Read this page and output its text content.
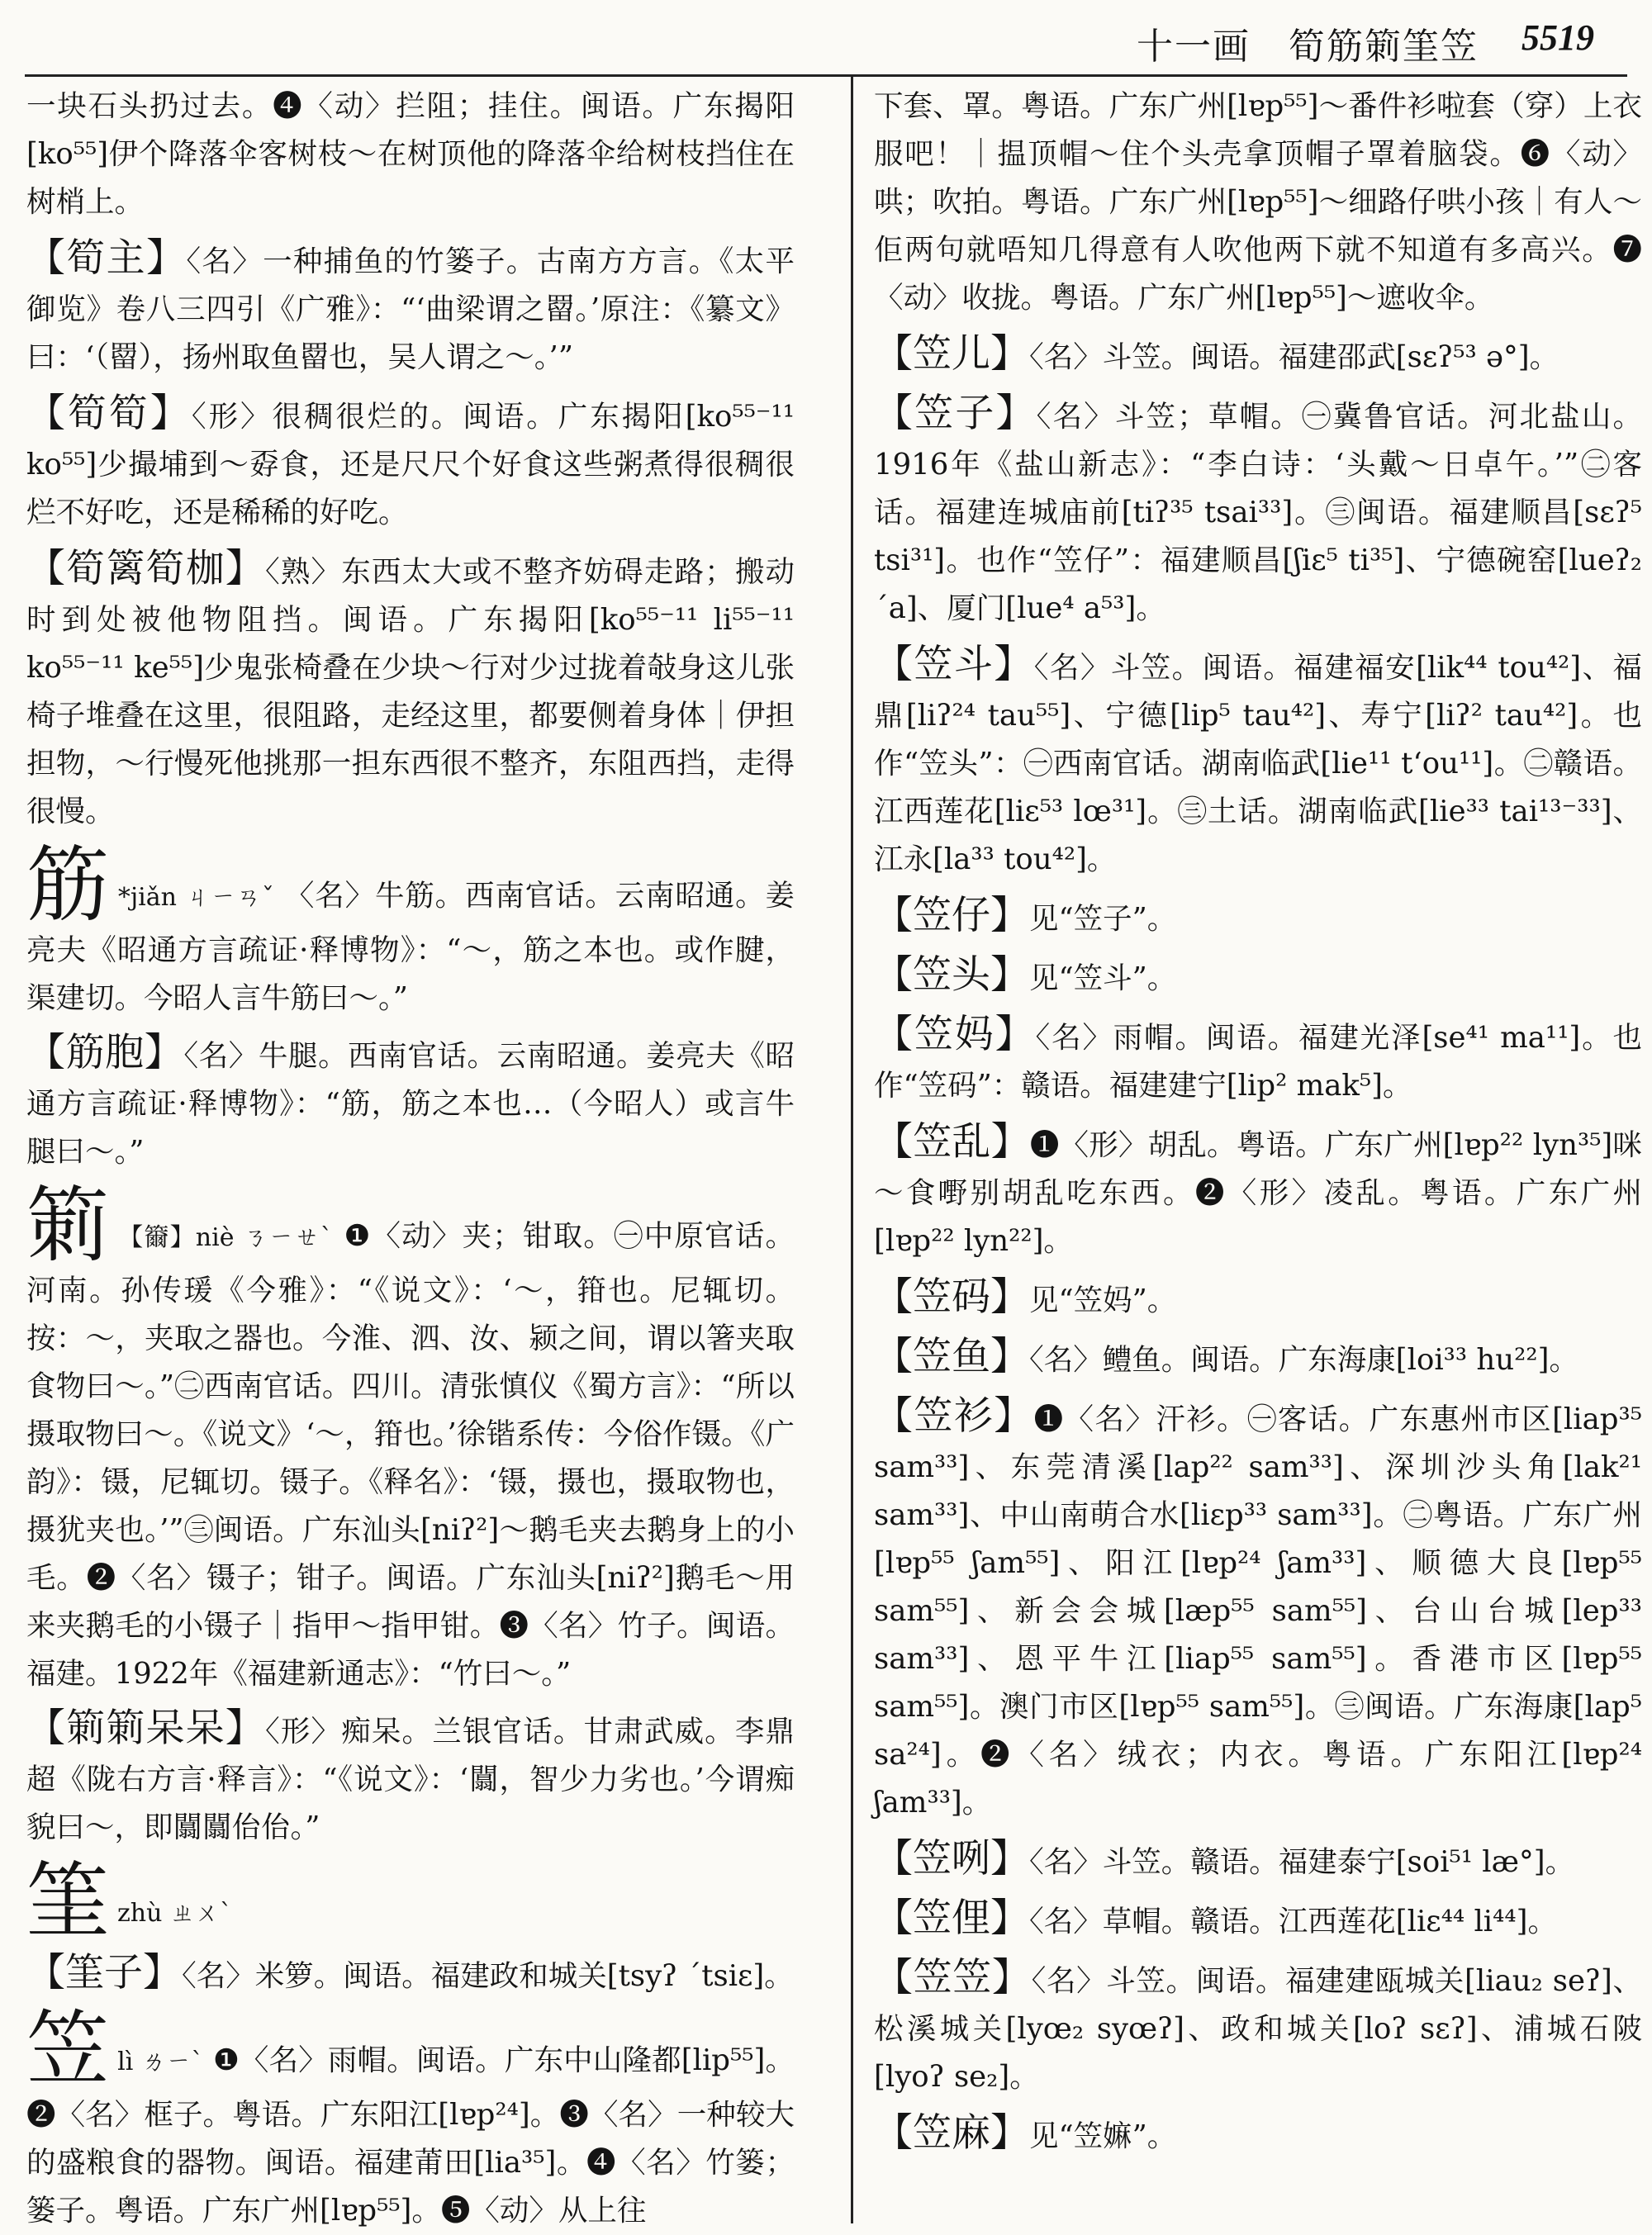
十一画　筍筋箣筀笠 5519

一块石头扔过去。❹〈动〉拦阻；挂住。闽语。广东揭阳[ko⁵⁵]伊个降落伞客树枝～在树顶他的降落伞给树枝挡住在树梢上。

【筍主】〈名〉一种捕鱼的竹篓子。古南方方言。《太平御览》卷八三四引《广雅》：“‘曲梁谓之罶。’原注：《纂文》曰：‘（罶），扬州取鱼罶也，吴人谓之～。’”

【筍筍】〈形〉很稠很烂的。闽语。广东揭阳[ko⁵⁵⁻¹¹ ko⁵⁵]少撮埔到～孬食，还是尺尺个好食这些粥煮得很稠很烂不好吃，还是稀稀的好吃。

【筍篱筍枷】〈熟〉东西太大或不整齐妨碍走路；搬动时到处被他物阻挡。闽语。广东揭阳[ko⁵⁵⁻¹¹ li⁵⁵⁻¹¹ ko⁵⁵⁻¹¹ ke⁵⁵]少鬼张椅叠在少块～行对少过拢着敧身这儿张椅子堆叠在这里，很阻路，走经这里，都要侧着身体｜伊担担物，～行慢死他挑那一担东西很不整齐，东阻西挡，走得很慢。

筋 *jiǎn ㄐㄧㄢˇ 〈名〉牛筋。西南官话。云南昭通。姜亮夫《昭通方言疏证·释博物》：“～，筋之本也。或作腱，渠建切。今昭人言牛筋曰～。”

【筋胞】〈名〉牛腿。西南官话。云南昭通。姜亮夫《昭通方言疏证·释博物》：“筋，筋之本也…（今昭人）或言牛腿曰～。”

箣 【籋】niè ㄋㄧㄝˋ ❶〈动〉夹；钳取。㊀中原官话。河南。孙传瑗《今雅》：“《说文》：‘～，箝也。尼辄切。按：～，夹取之器也。今淮、泗、汝、颍之间，谓以箸夹取食物曰～。”㊁西南官话。四川。清张慎仪《蜀方言》：“所以摄取物曰～。《说文》‘～，箝也。’徐锴系传：今俗作镊。《广韵》：镊，尼辄切。镊子。《释名》：‘镊，摄也，摄取物也，摄犹夹也。’”㊂闽语。广东汕头[niʔ²]～鹅毛夹去鹅身上的小毛。❷〈名〉镊子；钳子。闽语。广东汕头[niʔ²]鹅毛～用来夹鹅毛的小镊子｜指甲～指甲钳。❸〈名〉竹子。闽语。福建。1922年《福建新通志》：“竹曰～。”

【箣箣呆呆】〈形〉痴呆。兰银官话。甘肃武威。李鼎超《陇右方言·释言》：“《说文》：‘闒，智少力劣也。’今谓痴貌曰～，即闒闒佁佁。”

筀zhù ㄓㄨˋ

【筀子】〈名〉米箩。闽语。福建政和城关[tsyʔ ˊtsiɛ]。

笠lì ㄌㄧˋ ❶〈名〉雨帽。闽语。广东中山隆都[lip⁵⁵]。❷〈名〉框子。粤语。广东阳江[lɐp²⁴]。❸〈名〉一种较大的盛粮食的器物。闽语。福建莆田[lia³⁵]。❹〈名〉竹篓；篓子。粤语。广东广州[lɐp⁵⁵]。❺〈动〉从上往

下套、罩。粤语。广东广州[lɐp⁵⁵]～番件衫啦套（穿）上衣服吧！｜揾顶帽～住个头壳拿顶帽子罩着脑袋。❻〈动〉哄；吹拍。粤语。广东广州[lɐp⁵⁵]～细路仔哄小孩｜有人～佢两句就唔知几得意有人吹他两下就不知道有多高兴。❼〈动〉收拢。粤语。广东广州[lɐp⁵⁵]～遮收伞。

【笠儿】〈名〉斗笠。闽语。福建邵武[sɛʔ⁵³ ə°]。

【笠子】〈名〉斗笠；草帽。㊀冀鲁官话。河北盐山。1916年《盐山新志》：“李白诗：‘头戴～日卓午。’”㊁客话。福建连城庙前[tiʔ³⁵ tsai³³]。㊂闽语。福建顺昌[sɛʔ⁵ tsi³¹]。也作“笠仔”：福建顺昌[ʃiɛ⁵ ti³⁵]、宁德碗窑[lueʔ₂ ˊa]、厦门[lue⁴ a⁵³]。

【笠斗】〈名〉斗笠。闽语。福建福安[lik⁴⁴ tou⁴²]、福鼎[liʔ²⁴ tau⁵⁵]、宁德[lip⁵ tau⁴²]、寿宁[liʔ² tau⁴²]。也作“笠头”：㊀西南官话。湖南临武[lie¹¹ tʻou¹¹]。㊁赣语。江西莲花[liɛ⁵³ lœ³¹]。㊂土话。湖南临武[lie³³ tai¹³⁻³³]、江永[la³³ tou⁴²]。

【笠仔】见“笠子”。

【笠头】见“笠斗”。

【笠妈】〈名〉雨帽。闽语。福建光泽[se⁴¹ ma¹¹]。也作“笠码”：赣语。福建建宁[lip² mak⁵]。

【笠乱】❶〈形〉胡乱。粤语。广东广州[lɐp²² lyn³⁵]咪～食嘢别胡乱吃东西。❷〈形〉凌乱。粤语。广东广州[lɐp²² lyn²²]。

【笠码】见“笠妈”。

【笠鱼】〈名〉鳢鱼。闽语。广东海康[loi³³ hu²²]。

【笠衫】❶〈名〉汗衫。㊀客话。广东惠州市区[liap³⁵ sam³³]、东莞清溪[lap²² sam³³]、深圳沙头角[lak²¹ sam³³]、中山南萌合水[liɛp³³ sam³³]。㊁粤语。广东广州[lɐp⁵⁵ ʃam⁵⁵]、阳江[lɐp²⁴ ʃam³³]、顺德大良[lɐp⁵⁵ sam⁵⁵]、新会会城[læp⁵⁵ sam⁵⁵]、台山台城[lep³³ sam³³]、恩平牛江[liap⁵⁵ sam⁵⁵]。香港市区[lɐp⁵⁵ sam⁵⁵]。澳门市区[lɐp⁵⁵ sam⁵⁵]。㊂闽语。广东海康[lap⁵ sa²⁴]。❷〈名〉绒衣；内衣。粤语。广东阳江[lɐp²⁴ ʃam³³]。

【笠咧】〈名〉斗笠。赣语。福建泰宁[soi⁵¹ læ°]。

【笠俚】〈名〉草帽。赣语。江西莲花[liɛ⁴⁴ li⁴⁴]。

【笠笠】〈名〉斗笠。闽语。福建建瓯城关[liau₂ seʔ]、松溪城关[lyœ₂ syœʔ]、政和城关[loʔ sɛʔ]、浦城石陂[lyoʔ se₂]。

【笠麻】见“笠嫲”。
